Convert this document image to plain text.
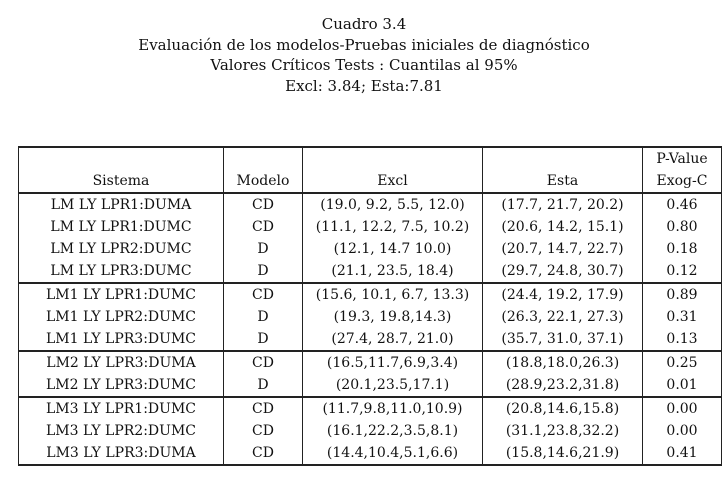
Cuadro 3.4
Evaluación de los modelos-Pruebas iniciales de diagnóstico
Valores Críticos Tests : Cuantilas al 95%
Excl: 3.84; Esta:7.81
				P-Value
Sistema	Modelo	Excl	Esta	Exog-C
LM LY LPR1:DUMA	CD	(19.0, 9.2, 5.5, 12.0)	(17.7, 21.7, 20.2)	0.46
LM LY LPR1:DUMC	CD	(11.1, 12.2, 7.5, 10.2)	(20.6, 14.2, 15.1)	0.80
LM LY LPR2:DUMC	D	(12.1, 14.7 10.0)	(20.7, 14.7, 22.7)	0.18
LM LY LPR3:DUMC	D	(21.1, 23.5, 18.4)	(29.7, 24.8, 30.7)	0.12
LM1 LY LPR1:DUMC	CD	(15.6, 10.1, 6.7, 13.3)	(24.4, 19.2, 17.9)	0.89
LM1 LY LPR2:DUMC	D	(19.3, 19.8,14.3)	(26.3, 22.1, 27.3)	0.31
LM1 LY LPR3:DUMC	D	(27.4, 28.7, 21.0)	(35.7, 31.0, 37.1)	0.13
LM2 LY LPR3:DUMA	CD	(16.5,11.7,6.9,3.4)	(18.8,18.0,26.3)	0.25
LM2 LY LPR3:DUMC	D	(20.1,23.5,17.1)	(28.9,23.2,31.8)	0.01
LM3 LY LPR1:DUMC	CD	(11.7,9.8,11.0,10.9)	(20.8,14.6,15.8)	0.00
LM3 LY LPR2:DUMC	CD	(16.1,22.2,3.5,8.1)	(31.1,23.8,32.2)	0.00
LM3 LY LPR3:DUMA	CD	(14.4,10.4,5.1,6.6)	(15.8,14.6,21.9)	0.41
